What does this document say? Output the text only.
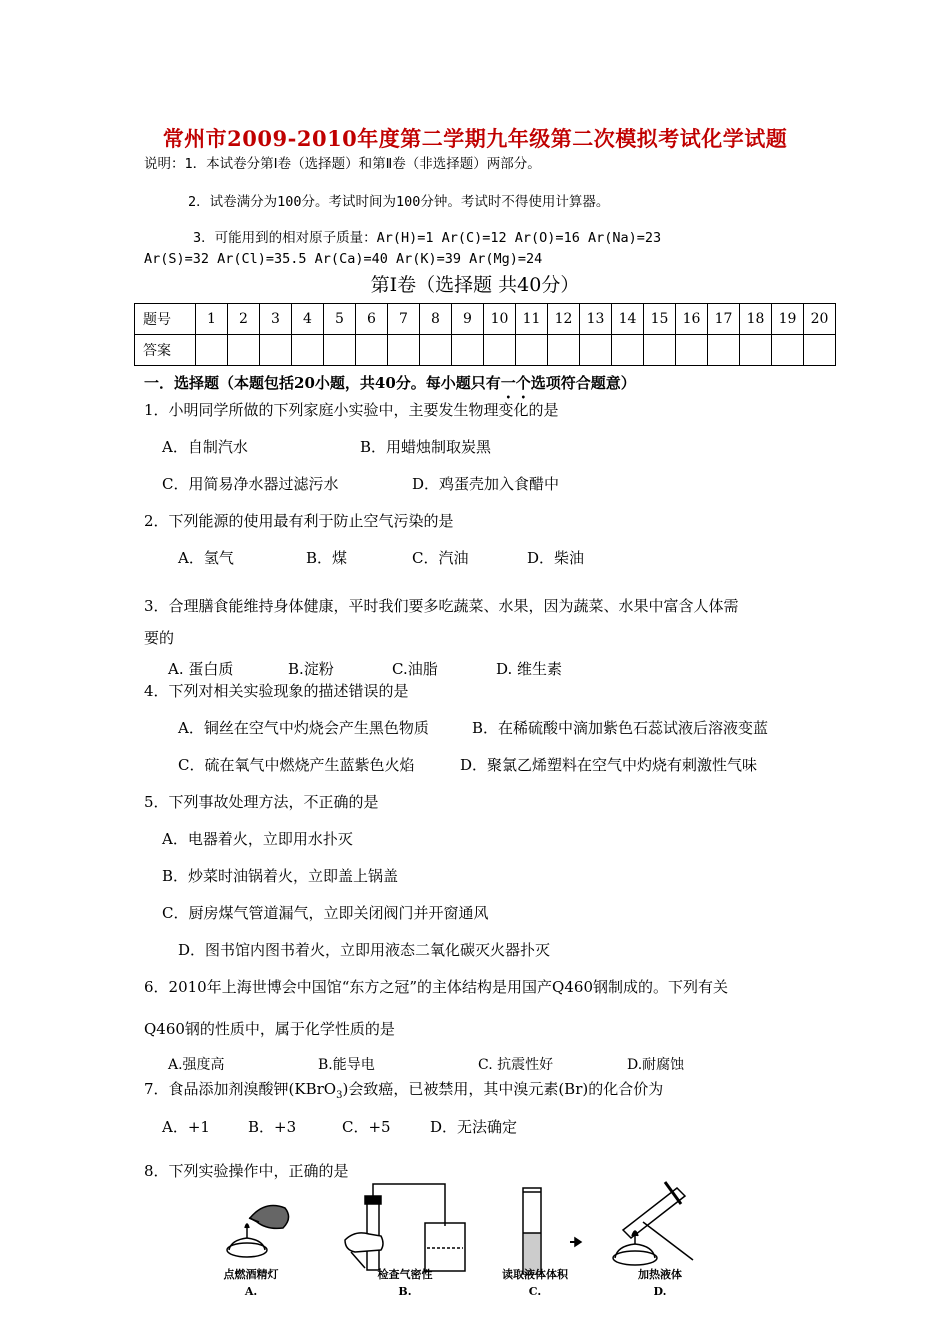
常州市2009-2010年度第二学期九年级第二次模拟考试化学试题
说明：1．本试卷分第Ⅰ卷（选择题）和第Ⅱ卷（非选择题）两部分。
2．试卷满分为100分。考试时间为100分钟。考试时不得使用计算器。
3．可能用到的相对原子质量：Ar(H)=1 Ar(C)=12 Ar(O)=16 Ar(Na)=23
Ar(S)=32 Ar(Cl)=35.5 Ar(Ca)=40 Ar(K)=39 Ar(Mg)=24
第Ⅰ卷（选择题 共40分）
题号	1	2	3	4	5	6	7	8	9	10	11	12	13	14	15	16	17	18	19	20
答案																				
一．选择题（本题包括20小题，共40分。每小题只有一个选项符合题意）
1．小明同学所做的下列家庭小实验中，主要发生物理变化的是
A．自制汽水	B．用蜡烛制取炭黑
C．用简易净水器过滤污水	D．鸡蛋壳加入食醋中
2．下列能源的使用最有利于防止空气污染的是
A．氢气	B．煤	C．汽油	D．柴油
3．合理膳食能维持身体健康，平时我们要多吃蔬菜、水果，因为蔬菜、水果中富含人体需
要的
A. 蛋白质	B.淀粉	C.油脂	D. 维生素
4．下列对相关实验现象的描述错误的是
A．铜丝在空气中灼烧会产生黑色物质	B．在稀硫酸中滴加紫色石蕊试液后溶液变蓝
C．硫在氧气中燃烧产生蓝紫色火焰	D．聚氯乙烯塑料在空气中灼烧有刺激性气味
5．下列事故处理方法，不正确的是
A．电器着火，立即用水扑灭
B．炒菜时油锅着火，立即盖上锅盖
C．厨房煤气管道漏气，立即关闭阀门并开窗通风
D．图书馆内图书着火，立即用液态二氧化碳灭火器扑灭
6．2010年上海世博会中国馆“东方之冠”的主体结构是用国产Q460钢制成的。下列有关
Q460钢的性质中，属于化学性质的是
A.强度高	B.能导电	C. 抗震性好	D.耐腐蚀
7．食品添加剂溴酸钾(KBrO$_3$)会致癌，已被禁用，其中溴元素(Br)的化合价为
A．+1	B．+3	C．+5	D．无法确定
8．下列实验操作中，正确的是
点燃酒精灯	检查气密性	读取液体体积	加热液体
A.	B.	C.	D.
